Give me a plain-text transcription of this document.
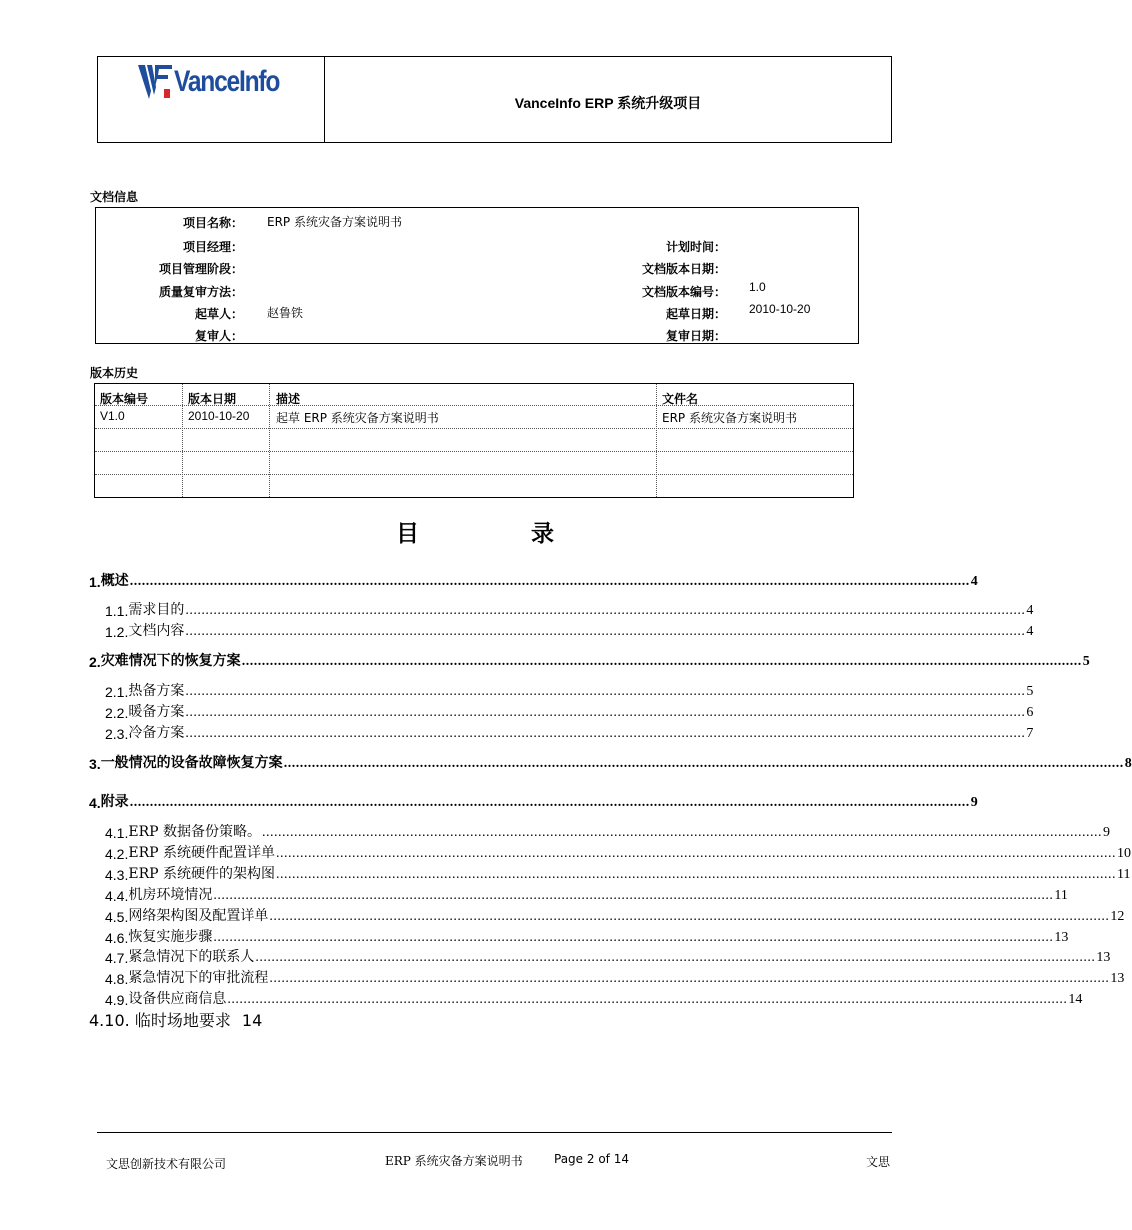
VanceInfo
VanceInfo ERP 系统升级项目
文档信息
项目名称： ERP 系统灾备方案说明书
项目经理：
项目管理阶段：
质量复审方法：
起草人： 赵鲁铁
复审人：
计划时间：
文档版本日期：
文档版本编号： 1.0
起草日期： 2010-10-20
复审日期：
版本历史
版本编号	版本日期	描述	文件名
V1.0	2010-10-20 起草 ERP 系统灾备方案说明书	ERP 系统灾备方案说明书
目	录
1. 概述 .................................................................................................................................................................................................................. 4
1.1. 需求目的 .................................................................................................................................................................................................................. 4
1.2. 文档内容 .................................................................................................................................................................................................................. 4
2. 灾难情况下的恢复方案 .................................................................................................................................................................................................................. 5
2.1. 热备方案 .................................................................................................................................................................................................................. 5
2.2. 暖备方案 .................................................................................................................................................................................................................. 6
2.3. 冷备方案 .................................................................................................................................................................................................................. 7
3. 一般情况的设备故障恢复方案 .................................................................................................................................................................................................................. 8
4. 附录 .................................................................................................................................................................................................................. 9
4.1. ERP 数据备份策略。 .................................................................................................................................................................................................................. 9
4.2. ERP 系统硬件配置详单 .................................................................................................................................................................................................................. 10
4.3. ERP 系统硬件的架构图 .................................................................................................................................................................................................................. 11
4.4. 机房环境情况 .................................................................................................................................................................................................................. 11
4.5. 网络架构图及配置详单 .................................................................................................................................................................................................................. 12
4.6. 恢复实施步骤 .................................................................................................................................................................................................................. 13
4.7. 紧急情况下的联系人 .................................................................................................................................................................................................................. 13
4.8. 紧急情况下的审批流程 .................................................................................................................................................................................................................. 13
4.9. 设备供应商信息 .................................................................................................................................................................................................................. 14
4.10. 临时场地要求 14
文思创新技术有限公司	ERP 系统灾备方案说明书	Page 2 of 14	文思
